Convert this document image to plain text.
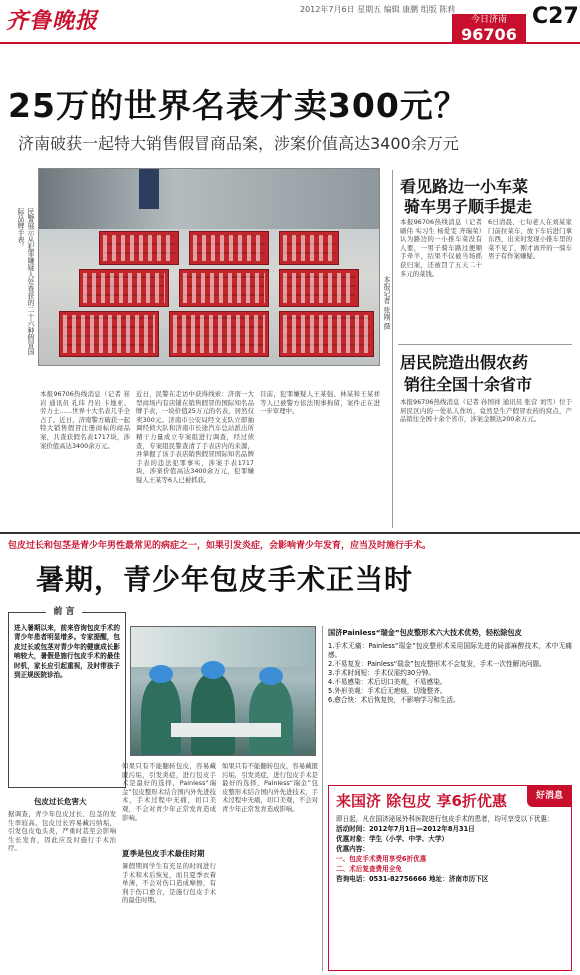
齐鲁晚报	2012年7月6日 星期五 编辑 康鹏 组版 陈莉
今日济南
96706
C27
25万的世界名表才卖300元？
济南破获一起特大销售假冒商品案，涉案价值高达3400余万元
民警展示从犯罪嫌疑人处查获的二十六种假冒国际品牌手表。
本报记者 张刚 摄
本报96706热线消息（记者 崔岩 通讯员 孔玮 丹岩 卡地亚、劳力士……世界十大名表几乎全占了。近日，济南警方破获一起特大销售假冒注册商标的商品案，共查获假名表1717块，涉案价值高达3400余万元。
近日，民警在走访中获得线索：济南一大型商场内有店铺在销售假冒的国际知名品牌手表，一块价值25万元的名表，居然仅卖300元。济南市公安局经文支队立即抽调经侦大队和济南市长途汽车总站派出所精干力量成立专案组进行调查，经过侦查，专案组民警查清了手表店内的来源，并掌握了该手表店销售假冒国际知名品牌手表的违法犯罪事实，涉案手表1717块，涉案价值高达3400余万元，犯罪嫌疑人王某等6人已被抓获。
目前，犯罪嫌疑人王某强、林某和王某祥等人已被警方依法刑事拘留，案件正在进一步审理中。
看见路边一小车菜
骑车男子顺手提走
本报96706热线消息（记者 刷伟 实习生 杨爱雯 齐瑞荣）认为路边的一小推车菜没有人要，一男子骑车路过便顺手牵羊，结果不仅被当场抓获归案，还被罚了五天二十多元的菜钱。
6日清晨，七旬老人在刘某家门前拉菜车，放下车后进门拿东西，出来时发现小推车里的菜不见了，刚才离开的一骑车男子有作案嫌疑。
居民院造出假农药
销往全国十余省市
本报96706热线消息（记者 孙国祥 通讯员 张营 刘雪）位于居民区内的一处私人作坊，竟然是生产假冒农药的窝点，产品销往全国十余个省市，涉案金额达200余万元。
包皮过长和包茎是青少年男性最常见的病症之一，如果引发炎症，会影响青少年发育，应当及时施行手术。
暑期，青少年包皮手术正当时
前 言
进入暑期以来，前来咨询包皮手术的青少年患者明显增多。专家提醒，包皮过长或包茎对青少年的健康成长影响较大，暑假是施行包皮手术的最佳时机，家长应引起重视，及时带孩子到正规医院诊治。
国济Painless“瑞金”包皮整形术六大技术优势，轻松除包皮
1.手术无痛：Painless“瑞金”包皮整形术采用国际先进的局部麻醉技术，术中无痛感。
2.不易复发：Painless“瑞金”包皮整形术不会复发，手术一次性解决问题。
3.手术时间短：手术仅需约30分钟。
4.不易感染：术后切口美观，不易感染。
5.外形美观：手术后无疤痕，切缘整齐。
6.愈合快：术后恢复快，不影响学习和生活。
包皮过长危害大
据调查，青少年包皮过长、包茎的发生率较高。包皮过长容易藏污纳垢，引发包皮龟头炎，严重时甚至会影响生长发育，因此应及时施行手术治疗。
如果只有不能翻转包皮，容易藏匿污垢，引发炎症，进行包皮手术是最好的选择，Painless“瑞金”包皮整形术结合国内外先进技术，手术过程中无痛，切口美观，不会对青少年正常发育造成影响。
夏季是包皮手术最佳时期
暑假期间学生有充足的时间进行手术和术后恢复，而且夏季衣着单薄，不会对伤口造成摩擦，有利于伤口愈合，是施行包皮手术的最佳时期。
如果只有不能翻转包皮，容易藏匿污垢，引发炎症，进行包皮手术是最好的选择，Painless“瑞金”包皮整形术结合国内外先进技术，手术过程中无痛，切口美观，不会对青少年正常发育造成影响。
好消息
来国济 除包皮 享6折优惠
即日起，凡在国济泌尿外科医院进行包皮手术的患者，均可享受以下优惠：
活动时间：2012年7月1日—2012年8月31日
优惠对象：学生（小学、中学、大学）
优惠内容：
一、包皮手术费用享受6折优惠
二、术后复查费用全免
咨询电话：0531-82756666 地址：济南市历下区
